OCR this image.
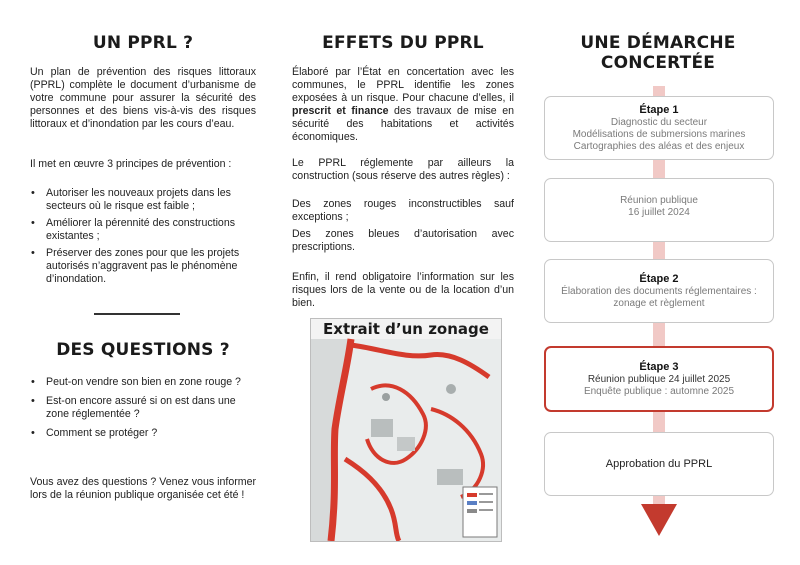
UN PPRL ?

Un plan de prévention des risques littoraux (PPRL) complète le document d’urbanisme de votre commune pour assurer la sécurité des personnes et des biens vis-à-vis des risques littoraux et d’inondation par les cours d’eau.

Il met en œuvre 3 principes de prévention :

• Autoriser les nouveaux projets dans les secteurs où le risque est faible ;
• Améliorer la pérennité des constructions existantes ;
• Préserver des zones pour que les projets autorisés n’aggravent pas le phénomène d’inondation.
DES QUESTIONS ?
• Peut-on vendre son bien en zone rouge ?
• Est-on encore assuré si on est dans une zone réglementée ?
• Comment se protéger ?

Vous avez des questions ? Venez vous informer lors de la réunion publique organisée cet été !

EFFETS DU PPRL

Élaboré par l’État en concertation avec les communes, le PPRL identifie les zones exposées à un risque. Pour chacune d’elles, il prescrit et finance des travaux de mise en sécurité des habitations et activités économiques.

Le PPRL réglemente par ailleurs la construction (sous réserve des autres règles) :

Des zones rouges inconstructibles sauf exceptions ;

Des zones bleues d’autorisation avec prescriptions.

Enfin, il rend obligatoire l’information sur les risques lors de la vente ou de la location d’un bien.

Extrait d’un zonage
UNE DÉMARCHE
CONCERTÉE
Étape 1
Diagnostic du secteur
Modélisations de submersions marines
Cartographies des aléas et des enjeux
Réunion publique
16 juillet 2024
Étape 2
Élaboration des documents réglementaires :
zonage et règlement
Étape 3
Réunion publique 24 juillet 2025
Enquête publique : automne 2025
Approbation du PPRL
